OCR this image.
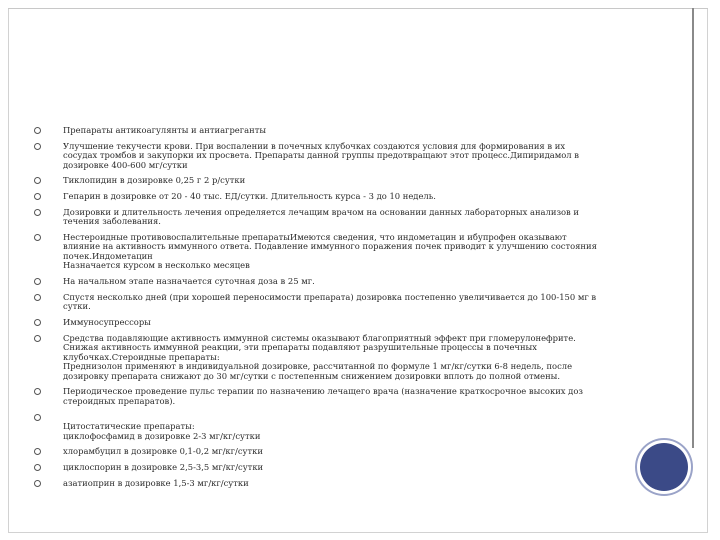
Препараты антикоагулянты и антиагреганты
Улучшение текучести крови. При воспалении в почечных клубочках создаются условия для формирования в их сосудах тромбов и закупорки их просвета. Препараты данной группы предотвращают этот процесс.Дипиридамол в дозировке 400-600 мг/сутки
Тиклопидин в дозировке 0,25 г 2 р/сутки
Гепарин в дозировке от 20 - 40 тыс. ЕД/сутки. Длительность курса - 3 до 10 недель.
Дозировки и длительность лечения определяется лечащим врачом на основании данных лабораторных анализов и течения заболевания.
Нестероидные противовоспалительные препаратыИмеются сведения, что индометацин и ибупрофен оказывают влияние на активность иммунного ответа. Подавление иммунного поражения почек приводит к улучшению состояния почек.Индометацин
Назначается курсом в несколько месяцев
На начальном этапе назначается суточная доза в 25 мг.
Спустя несколько дней (при хорошей переносимости препарата) дозировка постепенно увеличивается до 100-150 мг в сутки.
Иммуносупрессоры
Средства подавляющие активность иммунной системы оказывают благоприятный эффект при гломерулонефрите. Снижая активность иммунной реакции, эти препараты подавляют разрушительные процессы в почечных клубочках.Стероидные препараты:
Преднизолон применяют в индивидуальной дозировке, рассчитанной по формуле 1 мг/кг/сутки 6-8 недель, после дозировку препарата снижают до 30 мг/сутки с постепенным снижением дозировки вплоть до полной отмены.
Периодическое проведение пульс терапии по назначению лечащего врача (назначение краткосрочное высоких доз стероидных препаратов).

Цитостатические препараты:
циклофосфамид в дозировке 2-3 мг/кг/сутки
хлорамбуцил в дозировке 0,1-0,2 мг/кг/сутки
циклоспорин в дозировке 2,5-3,5 мг/кг/сутки
азатиоприн в дозировке 1,5-3 мг/кг/сутки
